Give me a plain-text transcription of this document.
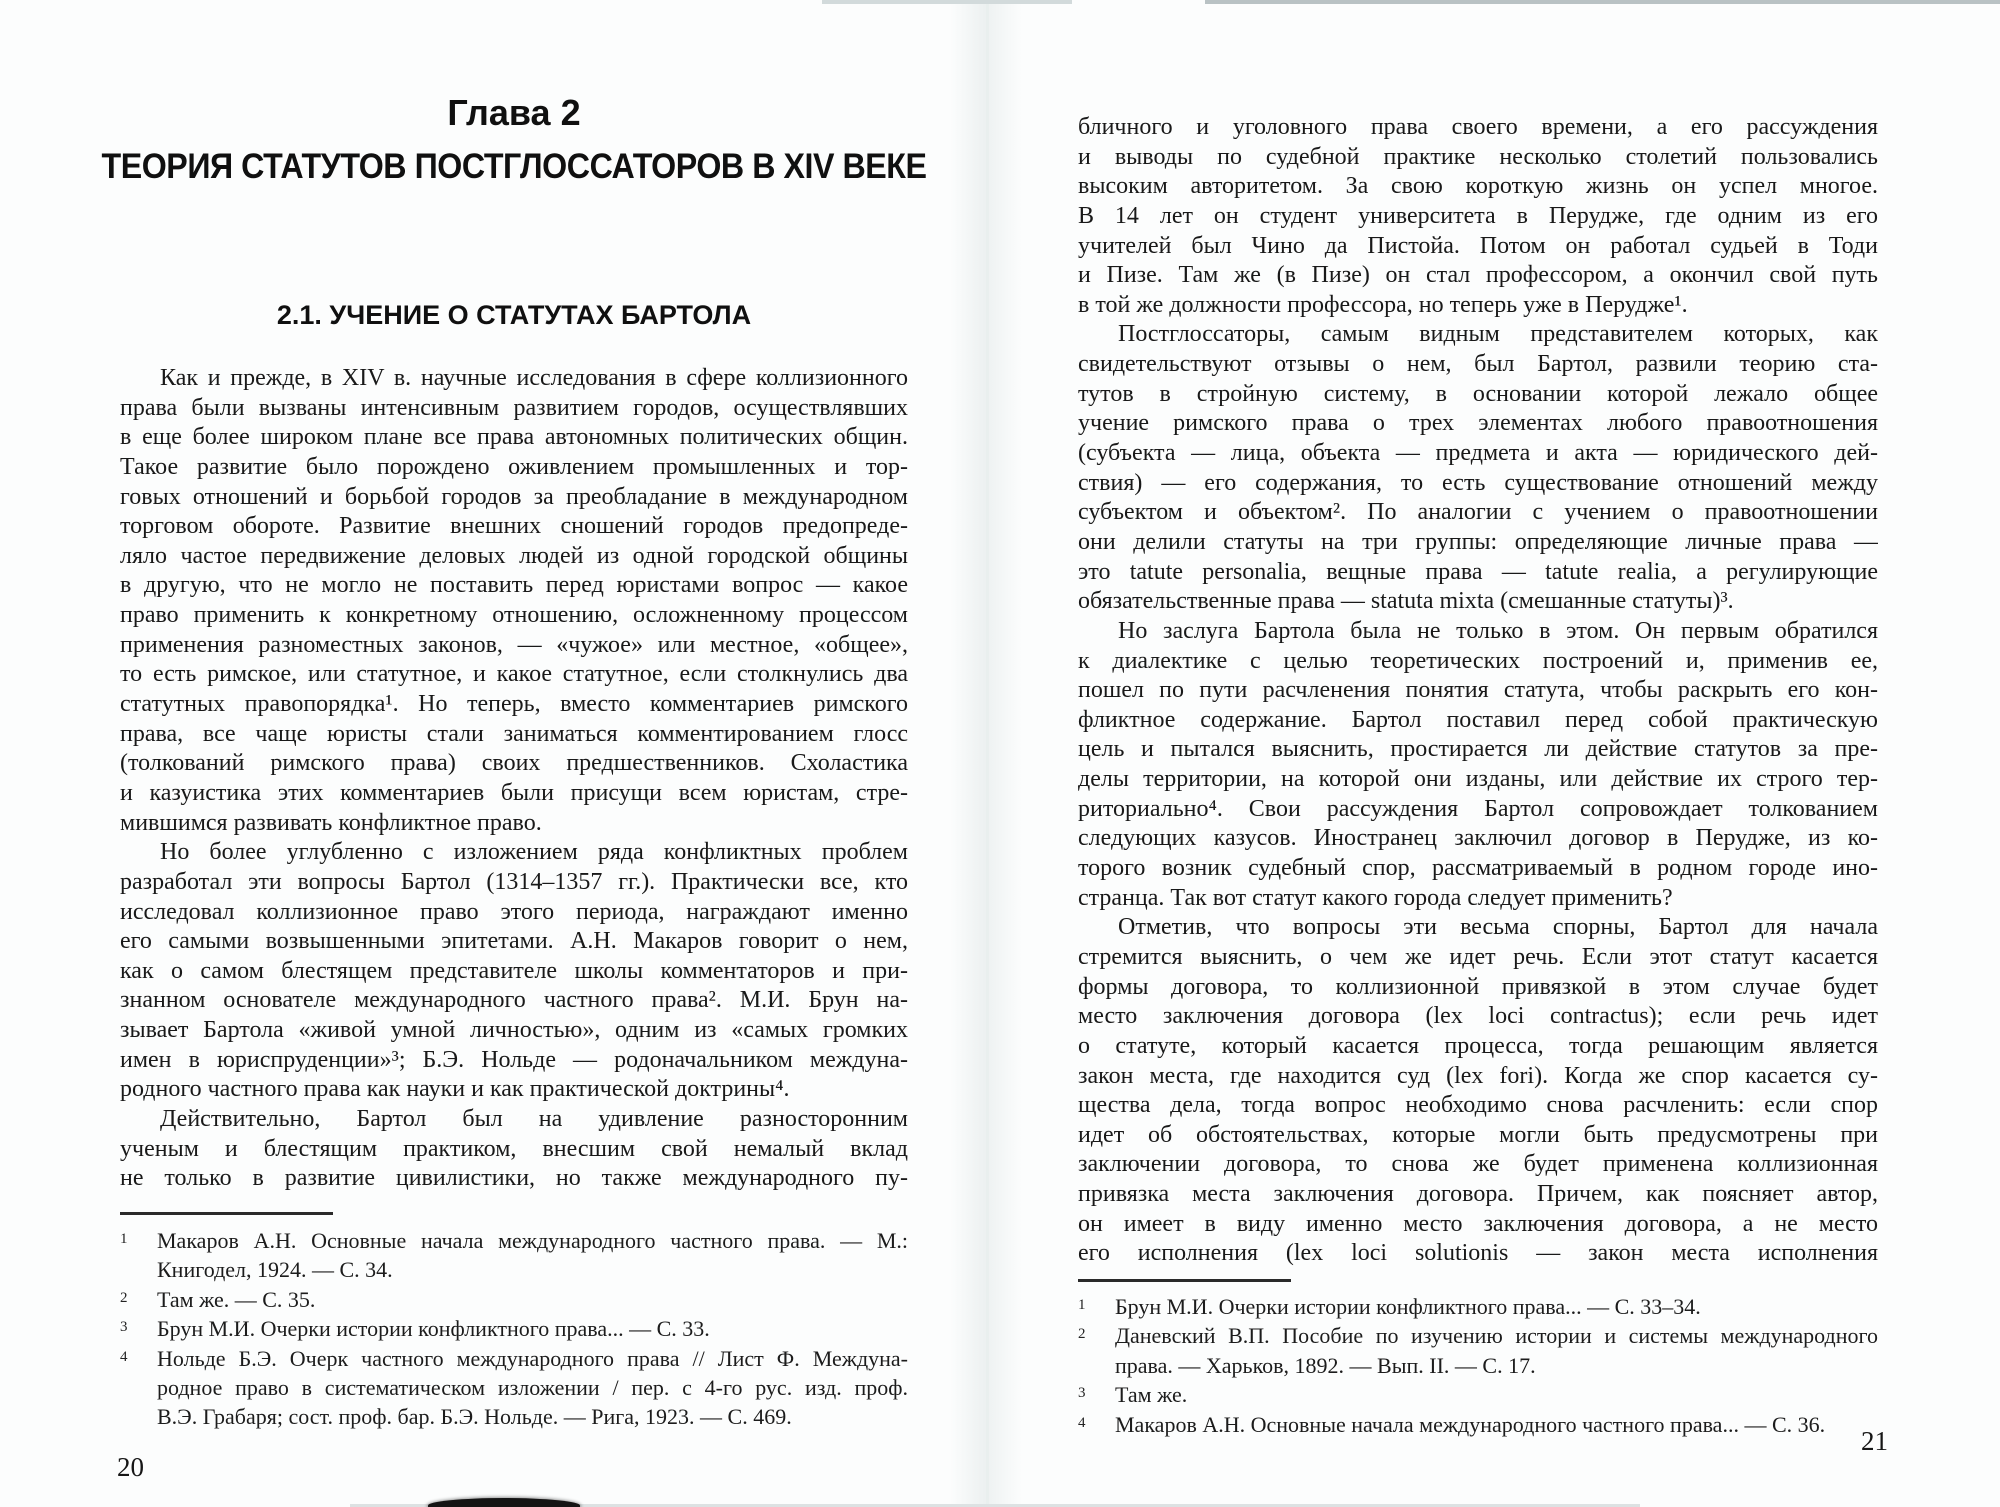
Глава 2
ТЕОРИЯ СТАТУТОВ ПОСТГЛОССАТОРОВ В XIV ВЕКЕ
2.1. УЧЕНИЕ О СТАТУТАХ БАРТОЛА
Как и прежде, в XIV в. научные исследования в сфере коллизионного
права были вызваны интенсивным развитием городов, осуществлявших
в еще более широком плане все права автономных политических общин.
Такое развитие было порождено оживлением промышленных и тор-
говых отношений и борьбой городов за преобладание в международном
торговом обороте. Развитие внешних сношений городов предопреде-
ляло частое передвижение деловых людей из одной городской общины
в другую, что не могло не поставить перед юристами вопрос — какое
право применить к конкретному отношению, осложненному процессом
применения разноместных законов, — «чужое» или местное, «общее»,
то есть римское, или статутное, и какое статутное, если столкнулись два
статутных правопорядка¹. Но теперь, вместо комментариев римского
права, все чаще юристы стали заниматься комментированием глосс
(толкований римского права) своих предшественников. Схоластика
и казуистика этих комментариев были присущи всем юристам, стре-
мившимся развивать конфликтное право.
Но более углубленно с изложением ряда конфликтных проблем
разработал эти вопросы Бартол (1314–1357 гг.). Практически все, кто
исследовал коллизионное право этого периода, награждают именно
его самыми возвышенными эпитетами. А.Н. Макаров говорит о нем,
как о самом блестящем представителе школы комментаторов и при-
знанном основателе международного частного права². М.И. Брун на-
зывает Бартола «живой умной личностью», одним из «самых громких
имен в юриспруденции»³; Б.Э. Нольде — родоначальником междуна-
родного частного права как науки и как практической доктрины⁴.
Действительно, Бартол был на удивление разносторонним
ученым и блестящим практиком, внесшим свой немалый вклад
не только в развитие цивилистики, но также международного пу-
1	Макаров А.Н. Основные начала международного частного права. — М.:
Книгодел, 1924. — С. 34.
2	Там же. — С. 35.
3	Брун М.И. Очерки истории конфликтного права... — С. 33.
4	Нольде Б.Э. Очерк частного международного права // Лист Ф. Междуна-
родное право в систематическом изложении / пер. с 4-го рус. изд. проф.
В.Э. Грабаря; сост. проф. бар. Б.Э. Нольде. — Рига, 1923. — С. 469.
20
бличного и уголовного права своего времени, а его рассуждения
и выводы по судебной практике несколько столетий пользовались
высоким авторитетом. За свою короткую жизнь он успел многое.
В 14 лет он студент университета в Перудже, где одним из его
учителей был Чино да Пистойа. Потом он работал судьей в Тоди
и Пизе. Там же (в Пизе) он стал профессором, а окончил свой путь
в той же должности профессора, но теперь уже в Перудже¹.
Постглоссаторы, самым видным представителем которых, как
свидетельствуют отзывы о нем, был Бартол, развили теорию ста-
тутов в стройную систему, в основании которой лежало общее
учение римского права о трех элементах любого правоотношения
(субъекта — лица, объекта — предмета и акта — юридического дей-
ствия) — его содержания, то есть существование отношений между
субъектом и объектом². По аналогии с учением о правоотношении
они делили статуты на три группы: определяющие личные права —
это tatute personalia, вещные права — tatute realia, а регулирующие
обязательственные права — statuta mixta (смешанные статуты)³.
Но заслуга Бартола была не только в этом. Он первым обратился
к диалектике с целью теоретических построений и, применив ее,
пошел по пути расчленения понятия статута, чтобы раскрыть его кон-
фликтное содержание. Бартол поставил перед собой практическую
цель и пытался выяснить, простирается ли действие статутов за пре-
делы территории, на которой они изданы, или действие их строго тер-
риториально⁴. Свои рассуждения Бартол сопровождает толкованием
следующих казусов. Иностранец заключил договор в Перудже, из ко-
торого возник судебный спор, рассматриваемый в родном городе ино-
странца. Так вот статут какого города следует применить?
Отметив, что вопросы эти весьма спорны, Бартол для начала
стремится выяснить, о чем же идет речь. Если этот статут касается
формы договора, то коллизионной привязкой в этом случае будет
место заключения договора (lex loci contractus); если речь идет
о статуте, который касается процесса, тогда решающим является
закон места, где находится суд (lex fori). Когда же спор касается су-
щества дела, тогда вопрос необходимо снова расчленить: если спор
идет об обстоятельствах, которые могли быть предусмотрены при
заключении договора, то снова же будет применена коллизионная
привязка места заключения договора. Причем, как поясняет автор,
он имеет в виду именно место заключения договора, а не место
его исполнения (lex loci solutionis — закон места исполнения
1	Брун М.И. Очерки истории конфликтного права... — С. 33–34.
2	Даневский В.П. Пособие по изучению истории и системы международного
права. — Харьков, 1892. — Вып. II. — С. 17.
3	Там же.
4	Макаров А.Н. Основные начала международного частного права... — С. 36.
21
